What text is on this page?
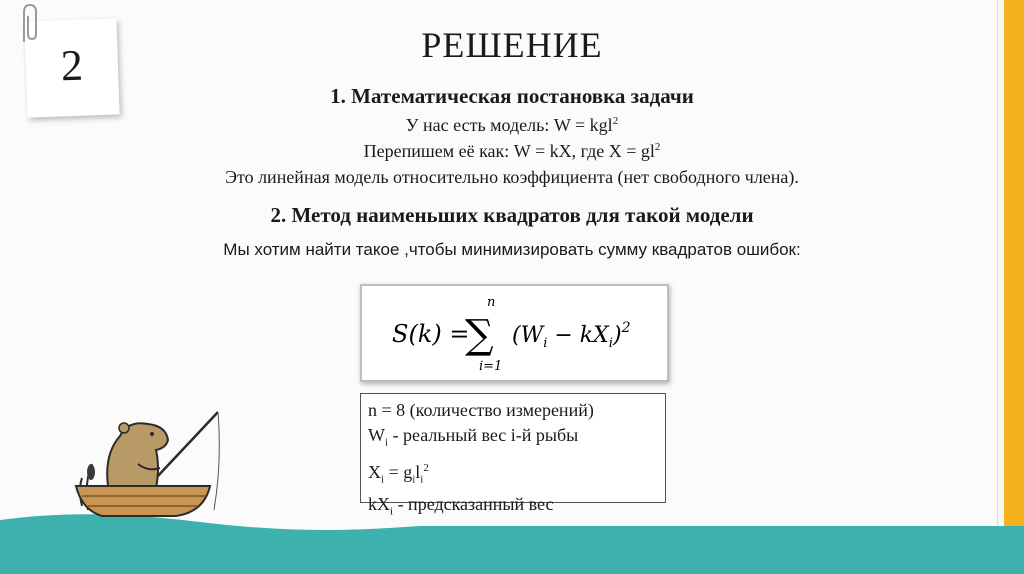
2	РЕШЕНИЕ
1. Математическая постановка задачи
У нас есть модель: W = kgl$^2$
Перепишем её как: W = kX, где $X = gl^2$
Это линейная модель относительно коэффициента (нет свободного члена).
2. Метод наименьших квадратов для такой модели
Мы хотим найти такое ,чтобы минимизировать сумму квадратов ошибок:
S(k) =
n
∑
i=1
$(W_i - kX_i)^2$
n = 8 (количество измерений)
$W_i$ - реальный вес i-й рыбы
$X_i = g_il_i^2$
$kX_i$ - предсказанный вес
